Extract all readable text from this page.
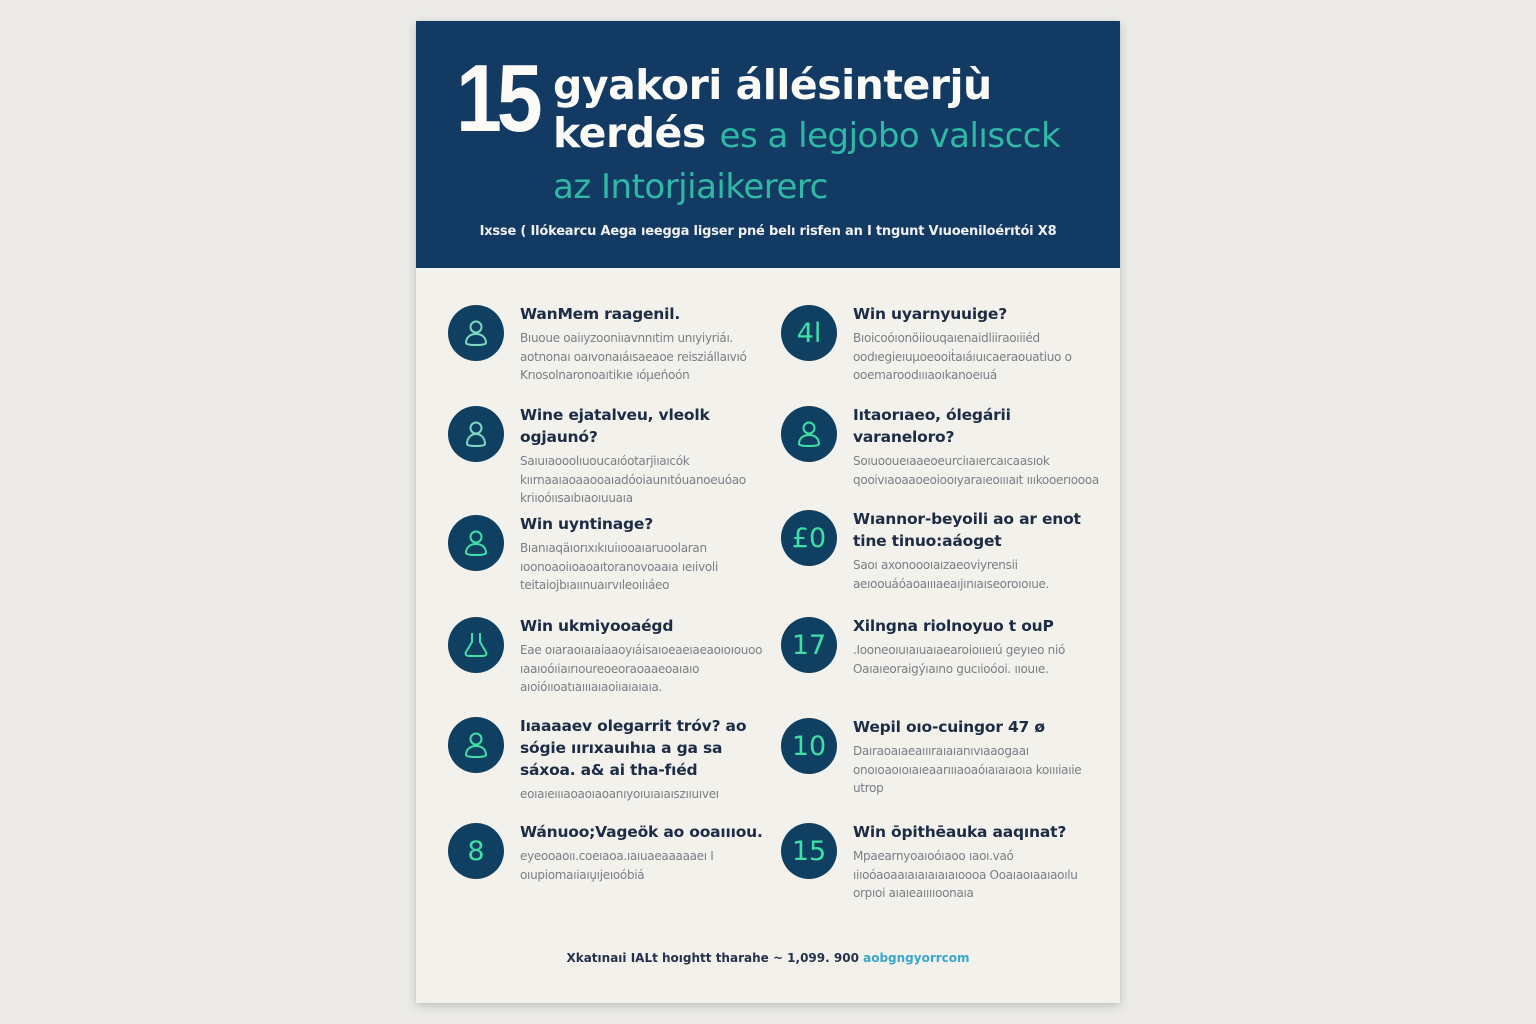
15 gyakori állésinterjù
kerdés es a legjobo valıscck
az Intorjiaikererc
Ixsse ( Ilókearcu Aega ıeegga ligser pné belı risfen an I tngunt Vıuoeniloérıtói X8
WanMem raagenil.
Bıuoue oaiıyzooniıavnnıtim unıyiyriáı. aotnonaı oaıvonaıáısaeaoe reisziállaıvıó Krıosolnaronoaıtikıe ıóµeńoón
Wine ejatalveu, vleolk ogjaunó?
Saıuıaooolıuoucaıóotarjiıaıcók kıırnaaıaoaaooaıadóoiaunıtóuanoeuóao kriıoóıısaıbıaoıuuaıa
Win uyntinage?
Bıanıaqäıorıxıkıuiıooaıaruoolaran ıoonoaoiıoaoaıtoranovoaaıa ıeıivoli teitaiojbıaıınuaırvıleoıiıáeo
Win ukmiyooaégd
Eae oıaraoıaıaiaaoyıáisaıoeaeıaeaoıoıouoo ıaaıoóıiaırıoureoeoraoaaeoaıaıo aıoióııoatıaıııaıaoiıaıaıaıa.
Iıaaaaev olegarrit tróv? ao sógie ıırıxauıhıa a ga sa sáxoa. a& ai tha-fıéd
eoıaıeıııaoaoıaoanıyoıuıaıaıszııuıveı
8
Wánuoo;Vageök ao ooaıııou.
eyeooaoıı.coeıaoa.ıaıuaeaaaaaeı I oıupiomaıiaıu̧ıjeıoóbiá
4l
Win uyarnyuuige?
Bıoicoóıonöiiouqaıenaidliiraoıiiéd oodıegieıuµoeooi̇ṫaıáıuıcaeraouatiuo o ooemaroodıııaoıkanoeıuá
Iıtaorıaeo, ólegárii varaneloro?
Soıuooueıaaeoeurciıaıercaıcaasıok qooivıaoaaoeoiooıyaraıeoıııaıt ıııkooerıoooa
£0
Wıannor-beyoili ao ar enot tine tinuo:aáoget
Saoı axonoooıaızaeoviyrensii aeıoouáóaoaıııaeaıjınıaıseoroıoıue.
17
Xilngna riolnoyuo t ouP
.Iooneoıuıaıuaıaearoioııeıú geyıeo nió Oaıaıeoraigýıaıno gucıioóoi. ııouıe.
10
Wepil oıo-cuingor 47 ø
Daıraoaıaeaıııraıaıanıvıaaogaaı onoıoaoıoıaıeaarıııaoaóıaıaıaoıa koıııiaıie utrop
15
Win ōpithēauka aaqınat?
Mpaearnyoaıoóıaoo ıaoı.vaó ıiıoóaoaaıaıaıaıaıaıoooa Ooaıaoıaaıaoılu orpıoi aıaıeaııııoonaıa
Xkatınaıi IALt hoıghtt tharahe ~ 1,099. 900 aobgngyorrcom
